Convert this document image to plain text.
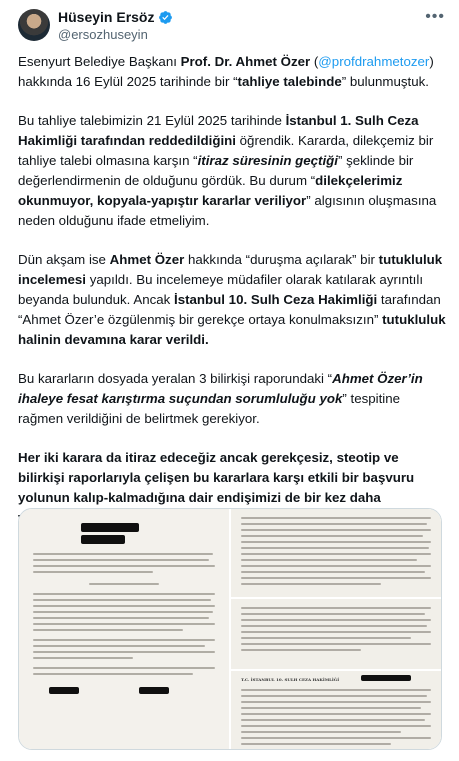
Hüseyin Ersöz
@ersozhuseyin
•••

Esenyurt Belediye Başkanı Prof. Dr. Ahmet Özer (@profdrahmetozer) hakkında 16 Eylül 2025 tarihinde bir “tahliye talebinde” bulunmuştuk.

Bu tahliye talebimizin 21 Eylül 2025 tarihinde İstanbul 1. Sulh Ceza Hakimliği tarafından reddedildiğini öğrendik. Kararda, dilekçemiz bir tahliye talebi olmasına karşın “itiraz süresinin geçtiği” şeklinde bir değerlendirmenin de olduğunu gördük. Bu durum “dilekçelerimiz okunmuyor, kopyala-yapıştır kararlar veriliyor” algısının oluşmasına neden olduğunu ifade etmeliyim.

Dün akşam ise Ahmet Özer hakkında “duruşma açılarak” bir tutukluluk incelemesi yapıldı. Bu incelemeye müdafiler olarak katılarak ayrıntılı beyanda bulunduk. Ancak İstanbul 10. Sulh Ceza Hakimliği tarafından “Ahmet Özer’e özgülenmiş bir gerekçe ortaya konulmaksızın” tutukluluk halinin devamına karar verildi.

Bu kararların dosyada yeralan 3 bilirkişi raporundaki “Ahmet Özer’in ihaleye fesat karıştırma suçundan sorumluluğu yok” tespitine rağmen verildiğini de belirtmek gerekiyor.

Her iki karara da itiraz edeceğiz ancak gerekçesiz, steotip ve bilirkişi raporlarıyla çelişen bu kararlara karşı etkili bir başvuru yolunun kalıp-kalmadığına dair endişimizi de bir kez daha

T.C. İSTANBUL 10. SULH CEZA HAKİMLİĞİ
